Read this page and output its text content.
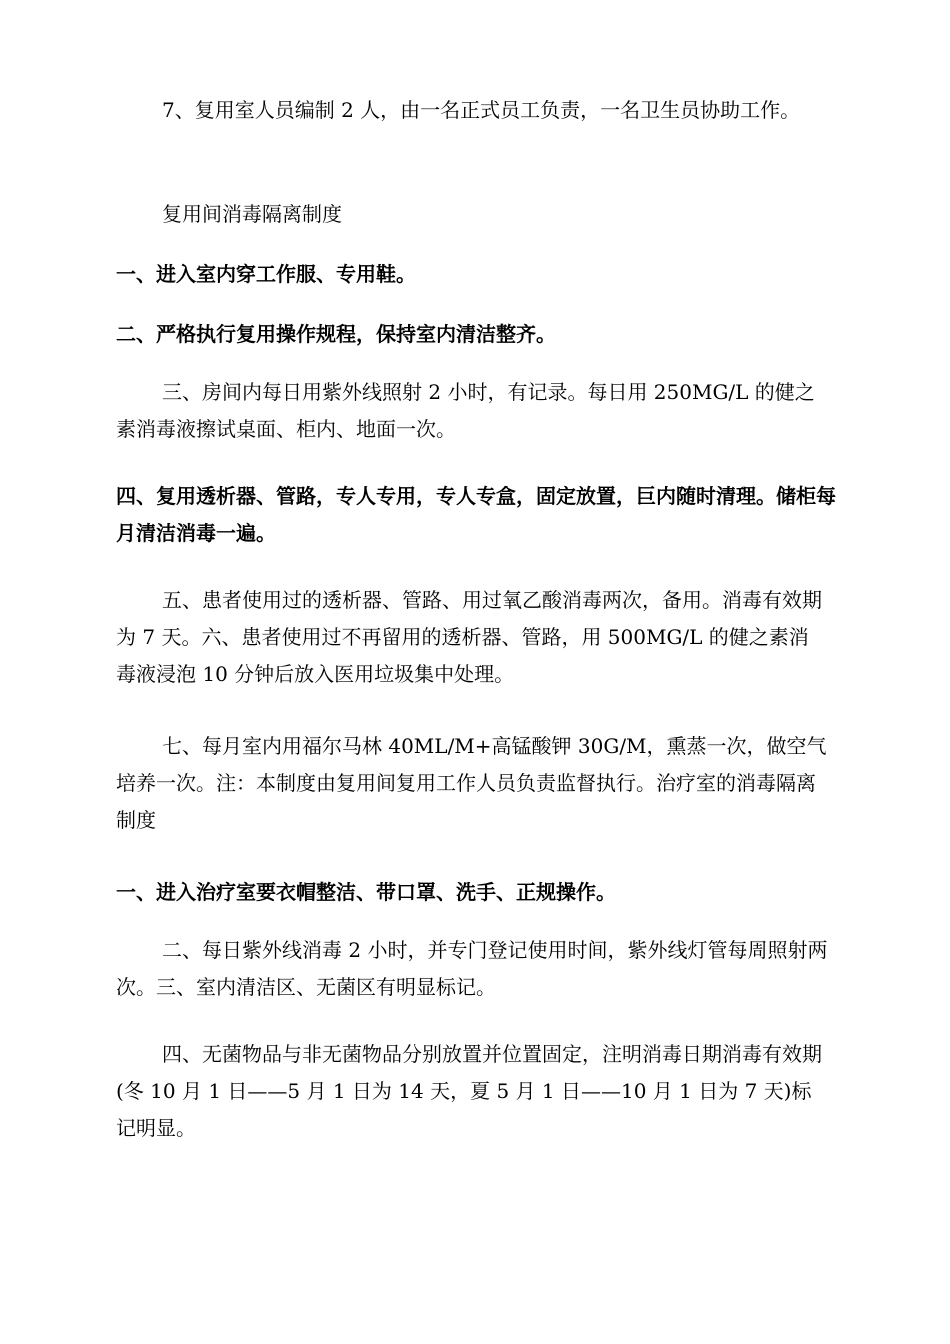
7、复用室人员编制 2 人，由一名正式员工负责，一名卫生员协助工作。

复用间消毒隔离制度

一、进入室内穿工作服、专用鞋。

二、严格执行复用操作规程，保持室内清洁整齐。

三、房间内每日用紫外线照射 2 小时，有记录。每日用 250MG/L 的健之素消毒液擦试桌面、柜内、地面一次。

四、复用透析器、管路，专人专用，专人专盒，固定放置，巨内随时清理。储柜每月清洁消毒一遍。

五、患者使用过的透析器、管路、用过氧乙酸消毒两次，备用。消毒有效期为 7 天。六、患者使用过不再留用的透析器、管路，用 500MG/L 的健之素消毒液浸泡 10 分钟后放入医用垃圾集中处理。

七、每月室内用福尔马林 40ML/M+高锰酸钾 30G/M，熏蒸一次，做空气培养一次。注：本制度由复用间复用工作人员负责监督执行。治疗室的消毒隔离制度

一、进入治疗室要衣帽整洁、带口罩、洗手、正规操作。

二、每日紫外线消毒 2 小时，并专门登记使用时间，紫外线灯管每周照射两次。三、室内清洁区、无菌区有明显标记。

四、无菌物品与非无菌物品分别放置并位置固定，注明消毒日期消毒有效期(冬 10 月 1 日——5 月 1 日为 14 天，夏 5 月 1 日——10 月 1 日为 7 天)标记明显。
